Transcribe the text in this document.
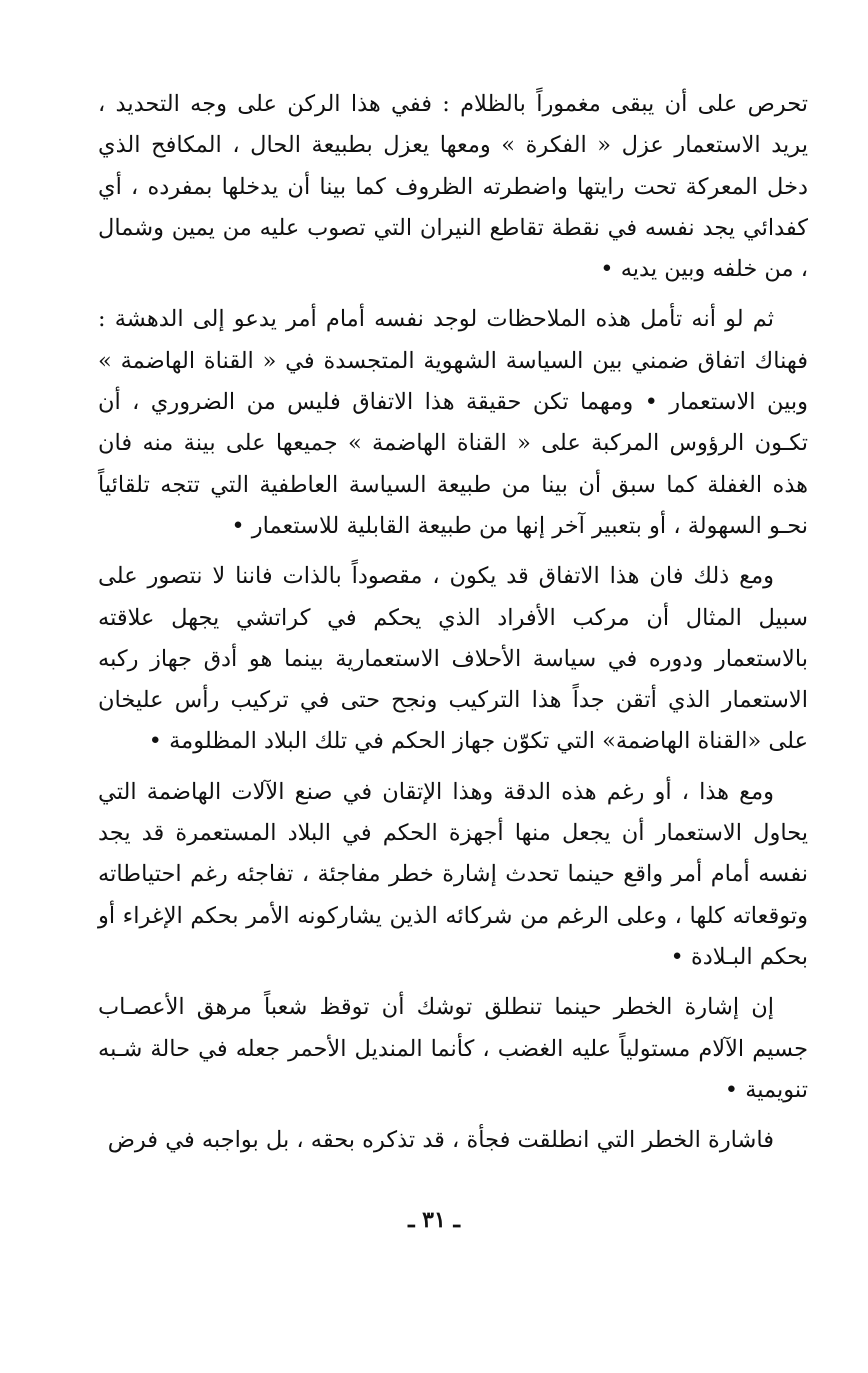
تحرص على أن يبقى مغموراً بالظلام : ففي هذا الركن على وجه التحديد ، يريد الاستعمار عزل « الفكرة » ومعها يعزل بطبيعة الحال ، المكافح الذي دخل المعركة تحت رايتها واضطرته الظروف كما بينا أن يدخلها بمفرده ، أي كفدائي يجد نفسه في نقطة تقاطع النيران التي تصوب عليه من يمين وشمال ، من خلفه وبين يديه •

ثم لو أنه تأمل هذه الملاحظات لوجد نفسه أمام أمر يدعو إلى الدهشة : فهناك اتفاق ضمني بين السياسة الشهوية المتجسدة في « القناة الهاضمة » وبين الاستعمار • ومهما تكن حقيقة هذا الاتفاق فليس من الضروري ، أن تكـون الرؤوس المركبة على « القناة الهاضمة » جميعها على بينة منه فان هذه الغفلة كما سبق أن بينا من طبيعة السياسة العاطفية التي تتجه تلقائياً نحـو السهولة ، أو بتعبير آخر إنها من طبيعة القابلية للاستعمار •

ومع ذلك فان هذا الاتفاق قد يكون ، مقصوداً بالذات فاننا لا نتصور على سبيل المثال أن مركب الأفراد الذي يحكم في كراتشي يجهل علاقته بالاستعمار ودوره في سياسة الأحلاف الاستعمارية بينما هو أدق جهاز ركبه الاستعمار الذي أتقن جداً هذا التركيب ونجح حتى في تركيب رأس عليخان على «القناة الهاضمة» التي تكوّن جهاز الحكم في تلك البلاد المظلومة •

ومع هذا ، أو رغم هذه الدقة وهذا الإتقان في صنع الآلات الهاضمة التي يحاول الاستعمار أن يجعل منها أجهزة الحكم في البلاد المستعمرة قد يجد نفسه أمام أمر واقع حينما تحدث إشارة خطر مفاجئة ، تفاجئه رغم احتياطاته وتوقعاته كلها ، وعلى الرغم من شركائه الذين يشاركونه الأمر بحكم الإغراء أو بحكم البـلادة •

إن إشارة الخطر حينما تنطلق توشك أن توقظ شعباً مرهق الأعصـاب جسيم الآلام مستولياً عليه الغضب ، كأنما المنديل الأحمر جعله في حالة شـبه تنويمية •

فاشارة الخطر التي انطلقت فجأة ، قد تذكره بحقه ، بل بواجبه في فرض

ـ ٣١ ـ
